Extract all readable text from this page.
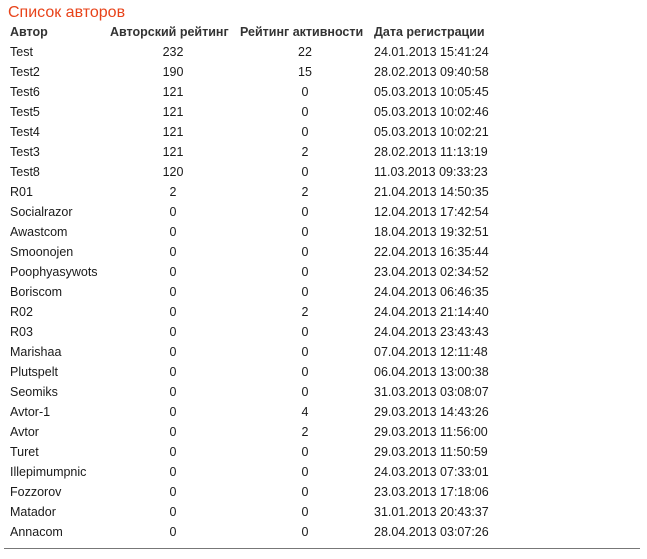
Список авторов
Автор	Авторский рейтинг	Рейтинг активности	Дата регистрации
Test	232	22	24.01.2013 15:41:24
Test2	190	15	28.02.2013 09:40:58
Test6	121	0	05.03.2013 10:05:45
Test5	121	0	05.03.2013 10:02:46
Test4	121	0	05.03.2013 10:02:21
Test3	121	2	28.02.2013 11:13:19
Test8	120	0	11.03.2013 09:33:23
R01	2	2	21.04.2013 14:50:35
Socialrazor	0	0	12.04.2013 17:42:54
Awastcom	0	0	18.04.2013 19:32:51
Smoonojen	0	0	22.04.2013 16:35:44
Poophyasywots	0	0	23.04.2013 02:34:52
Boriscom	0	0	24.04.2013 06:46:35
R02	0	2	24.04.2013 21:14:40
R03	0	0	24.04.2013 23:43:43
Marishaa	0	0	07.04.2013 12:11:48
Plutspelt	0	0	06.04.2013 13:00:38
Seomiks	0	0	31.03.2013 03:08:07
Avtor-1	0	4	29.03.2013 14:43:26
Avtor	0	2	29.03.2013 11:56:00
Turet	0	0	29.03.2013 11:50:59
Illepimumpnic	0	0	24.03.2013 07:33:01
Fozzorov	0	0	23.03.2013 17:18:06
Matador	0	0	31.01.2013 20:43:37
Annacom	0	0	28.04.2013 03:07:26
